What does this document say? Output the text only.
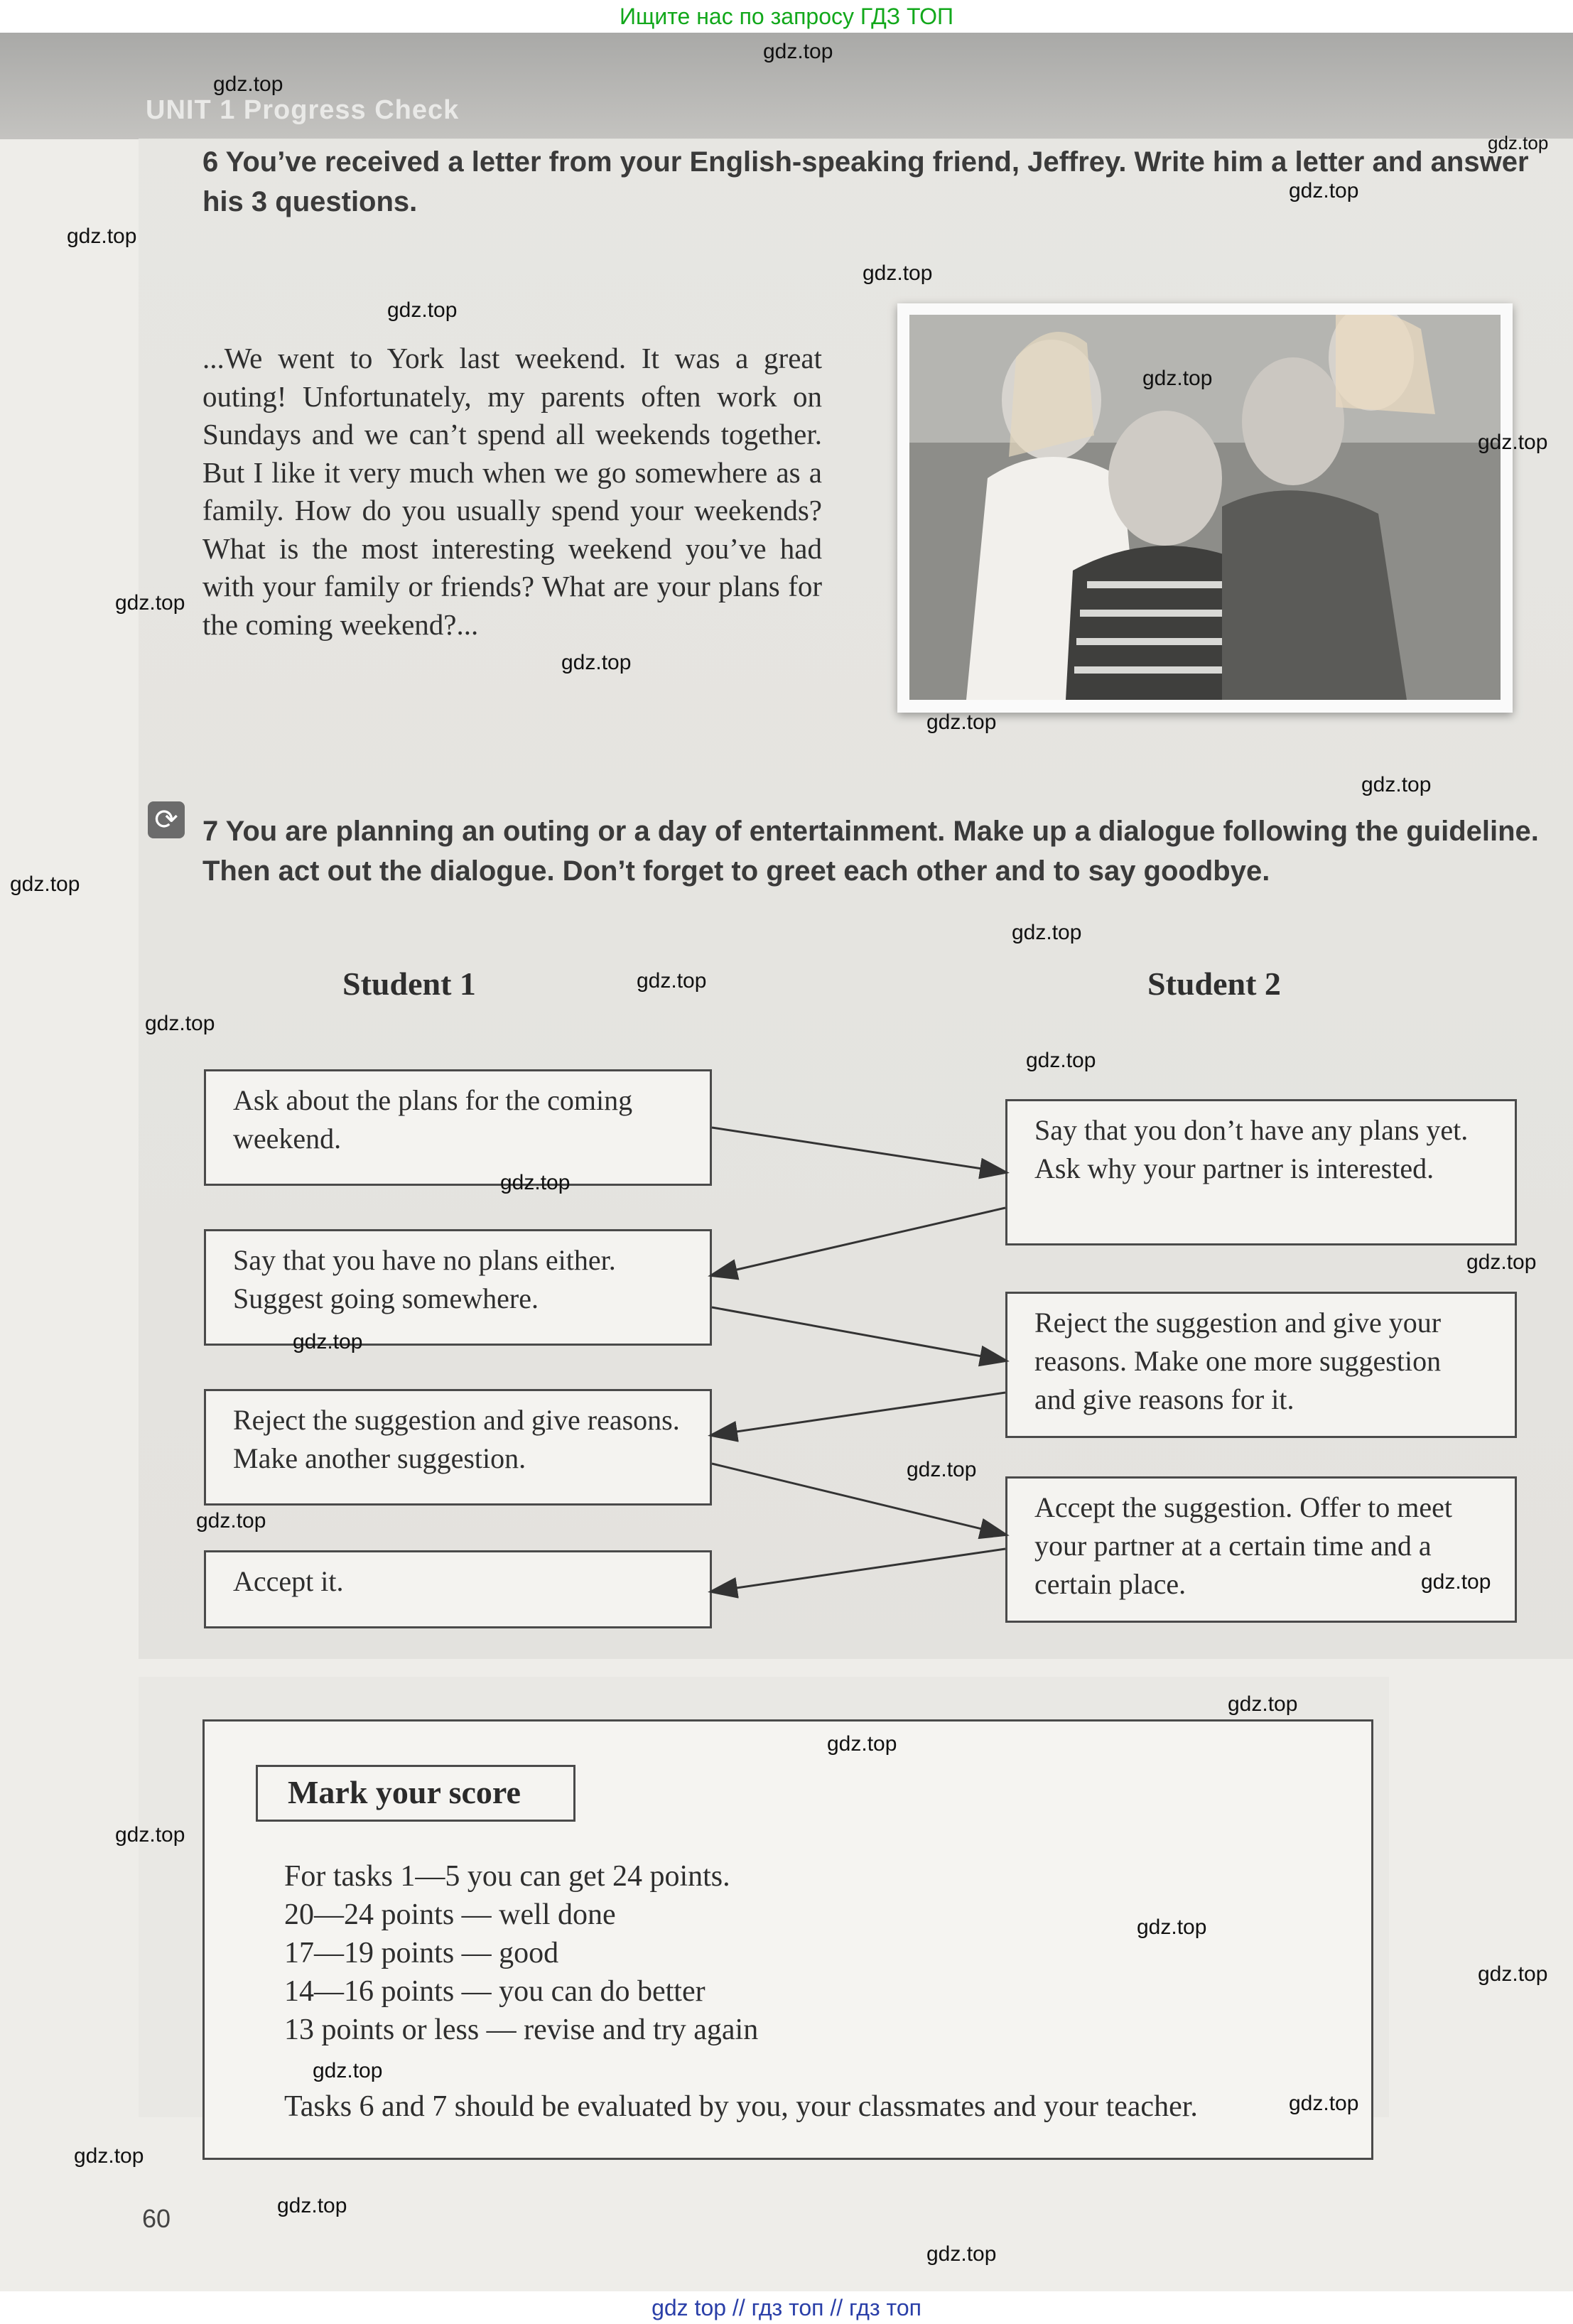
Ищите нас по запросу ГДЗ ТОП
UNIT 1 Progress Check
6 You’ve received a letter from your English-speaking friend, Jeffrey. Write him a letter and answer his 3 questions.
...We went to York last weekend. It was a great outing! Unfortunately, my parents often work on Sundays and we can’t spend all weekends together. But I like it very much when we go somewhere as a family. How do you usually spend your weekends? What is the most interesting weekend you’ve had with your family or friends? What are your plans for the coming weekend?...
⟳ 7 You are planning an outing or a day of entertainment. Make up a dialogue following the guideline. Then act out the dialogue. Don’t forget to greet each other and to say goodbye.
Student 1	Student 2
Ask about the plans for the coming weekend.
Say that you have no plans either. Suggest going somewhere.
Reject the suggestion and give reasons. Make another suggestion.
Accept it.
Say that you don’t have any plans yet. Ask why your partner is interested.
Reject the suggestion and give your reasons. Make one more suggestion and give reasons for it.
Accept the suggestion. Offer to meet your partner at a certain time and a certain place.
Mark your score
For tasks 1—5 you can get 24 points.
20—24 points — well done
17—19 points — good
14—16 points — you can do better
13 points or less — revise and try again
Tasks 6 and 7 should be evaluated by you, your classmates and your teacher.
60
gdz.top
gdz.top
gdz.top
gdz.top
gdz.top
gdz.top
gdz.top
gdz.top
gdz.top
gdz.top
gdz.top
gdz.top
gdz.top
gdz.top
gdz.top
gdz.top
gdz.top
gdz.top
gdz.top
gdz.top
gdz.top
gdz.top
gdz.top
gdz.top
gdz.top
gdz.top
gdz.top
gdz.top
gdz.top
gdz.top
gdz.top
gdz.top
gdz.top
gdz.top
gdz top // гдз топ // гдз топ
